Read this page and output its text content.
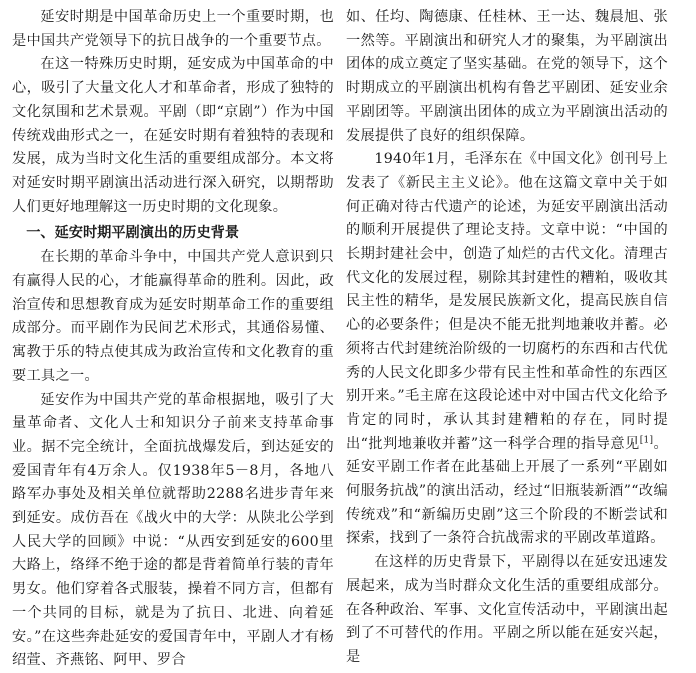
延安时期是中国革命历史上一个重要时期，也是中国共产党领导下的抗日战争的一个重要节点。

在这一特殊历史时期，延安成为中国革命的中心，吸引了大量文化人才和革命者，形成了独特的文化氛围和艺术景观。平剧（即“京剧”）作为中国传统戏曲形式之一，在延安时期有着独特的表现和发展，成为当时文化生活的重要组成部分。本文将对延安时期平剧演出活动进行深入研究，以期帮助人们更好地理解这一历史时期的文化现象。

一、延安时期平剧演出的历史背景

在长期的革命斗争中，中国共产党人意识到只有赢得人民的心，才能赢得革命的胜利。因此，政治宣传和思想教育成为延安时期革命工作的重要组成部分。而平剧作为民间艺术形式，其通俗易懂、寓教于乐的特点使其成为政治宣传和文化教育的重要工具之一。

延安作为中国共产党的革命根据地，吸引了大量革命者、文化人士和知识分子前来支持革命事业。据不完全统计，全面抗战爆发后，到达延安的爱国青年有4万余人。仅1938年5－8月，各地八路军办事处及相关单位就帮助2288名进步青年来到延安。成仿吾在《战火中的大学：从陕北公学到人民大学的回顾》中说：“从西安到延安的600里大路上，络绎不绝于途的都是背着简单行装的青年男女。他们穿着各式服装，操着不同方言，但都有一个共同的目标，就是为了抗日、北进、向着延安。”在这些奔赴延安的爱国青年中，平剧人才有杨绍萱、齐燕铭、阿甲、罗合

如、任均、陶德康、任桂林、王一达、魏晨旭、张一然等。平剧演出和研究人才的聚集，为平剧演出团体的成立奠定了坚实基础。在党的领导下，这个时期成立的平剧演出机构有鲁艺平剧团、延安业余平剧团等。平剧演出团体的成立为平剧演出活动的发展提供了良好的组织保障。

1940年1月，毛泽东在《中国文化》创刊号上发表了《新民主主义论》。他在这篇文章中关于如何正确对待古代遗产的论述，为延安平剧演出活动的顺利开展提供了理论支持。文章中说：“中国的长期封建社会中，创造了灿烂的古代文化。清理古代文化的发展过程，剔除其封建性的糟粕，吸收其民主性的精华，是发展民族新文化，提高民族自信心的必要条件；但是决不能无批判地兼收并蓄。必须将古代封建统治阶级的一切腐朽的东西和古代优秀的人民文化即多少带有民主性和革命性的东西区别开来。”毛主席在这段论述中对中国古代文化给予肯定的同时，承认其封建糟粕的存在，同时提出“批判地兼收并蓄”这一科学合理的指导意见[1]。延安平剧工作者在此基础上开展了一系列“平剧如何服务抗战”的演出活动，经过“旧瓶装新酒”“改编传统戏”和“新编历史剧”这三个阶段的不断尝试和探索，找到了一条符合抗战需求的平剧改革道路。

在这样的历史背景下，平剧得以在延安迅速发展起来，成为当时群众文化生活的重要组成部分。在各种政治、军事、文化宣传活动中，平剧演出起到了不可替代的作用。平剧之所以能在延安兴起，是
